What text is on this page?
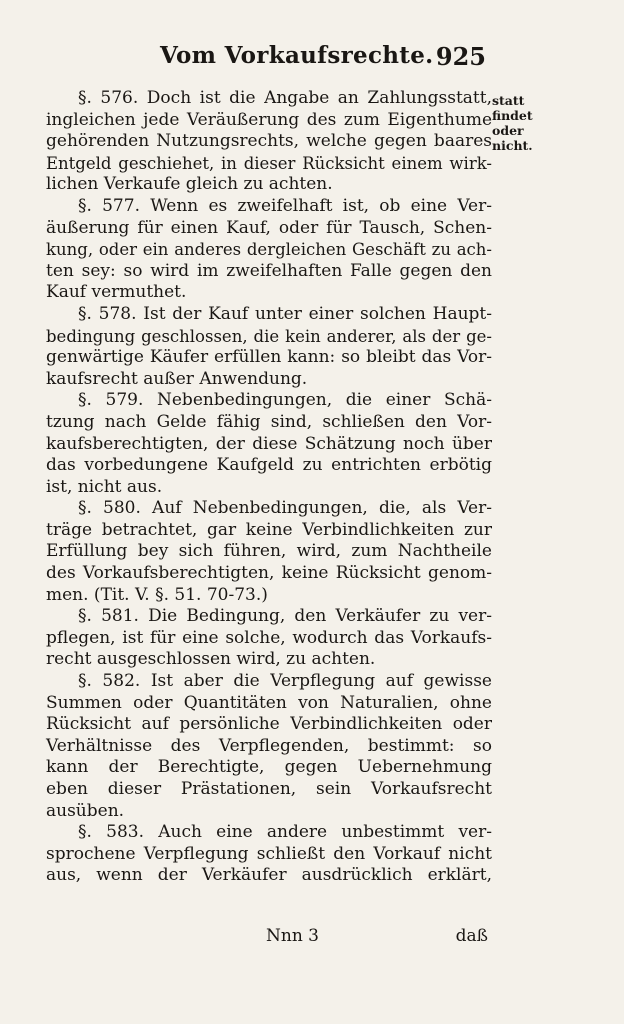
Vom Vorkaufsrechte. 925
statt findet
oder nicht.
§. 576. Doch ist die Angabe an Zahlungsstatt,
ingleichen jede Veräußerung des zum Eigenthume
gehörenden Nutzungsrechts, welche gegen baares
Entgeld geschiehet, in dieser Rücksicht einem wirk-
lichen Verkaufe gleich zu achten.
§. 577. Wenn es zweifelhaft ist, ob eine Ver-
äußerung für einen Kauf, oder für Tausch, Schen-
kung, oder ein anderes dergleichen Geschäft zu ach-
ten sey: so wird im zweifelhaften Falle gegen den
Kauf vermuthet.
§. 578. Ist der Kauf unter einer solchen Haupt-
bedingung geschlossen, die kein anderer, als der ge-
genwärtige Käufer erfüllen kann: so bleibt das Vor-
kaufsrecht außer Anwendung.
§. 579. Nebenbedingungen, die einer Schä-
tzung nach Gelde fähig sind, schließen den Vor-
kaufsberechtigten, der diese Schätzung noch über
das vorbedungene Kaufgeld zu entrichten erbötig
ist, nicht aus.
§. 580. Auf Nebenbedingungen, die, als Ver-
träge betrachtet, gar keine Verbindlichkeiten zur
Erfüllung bey sich führen, wird, zum Nachtheile
des Vorkaufsberechtigten, keine Rücksicht genom-
men. (Tit. V. §. 51. 70-73.)
§. 581. Die Bedingung, den Verkäufer zu ver-
pflegen, ist für eine solche, wodurch das Vorkaufs-
recht ausgeschlossen wird, zu achten.
§. 582. Ist aber die Verpflegung auf gewisse
Summen oder Quantitäten von Naturalien, ohne
Rücksicht auf persönliche Verbindlichkeiten oder
Verhältnisse des Verpflegenden, bestimmt: so
kann der Berechtigte, gegen Uebernehmung
eben dieser Prästationen, sein Vorkaufsrecht
ausüben.
§. 583. Auch eine andere unbestimmt ver-
sprochene Verpflegung schließt den Vorkauf nicht
aus, wenn der Verkäufer ausdrücklich erklärt,
Nnn 3	daß
